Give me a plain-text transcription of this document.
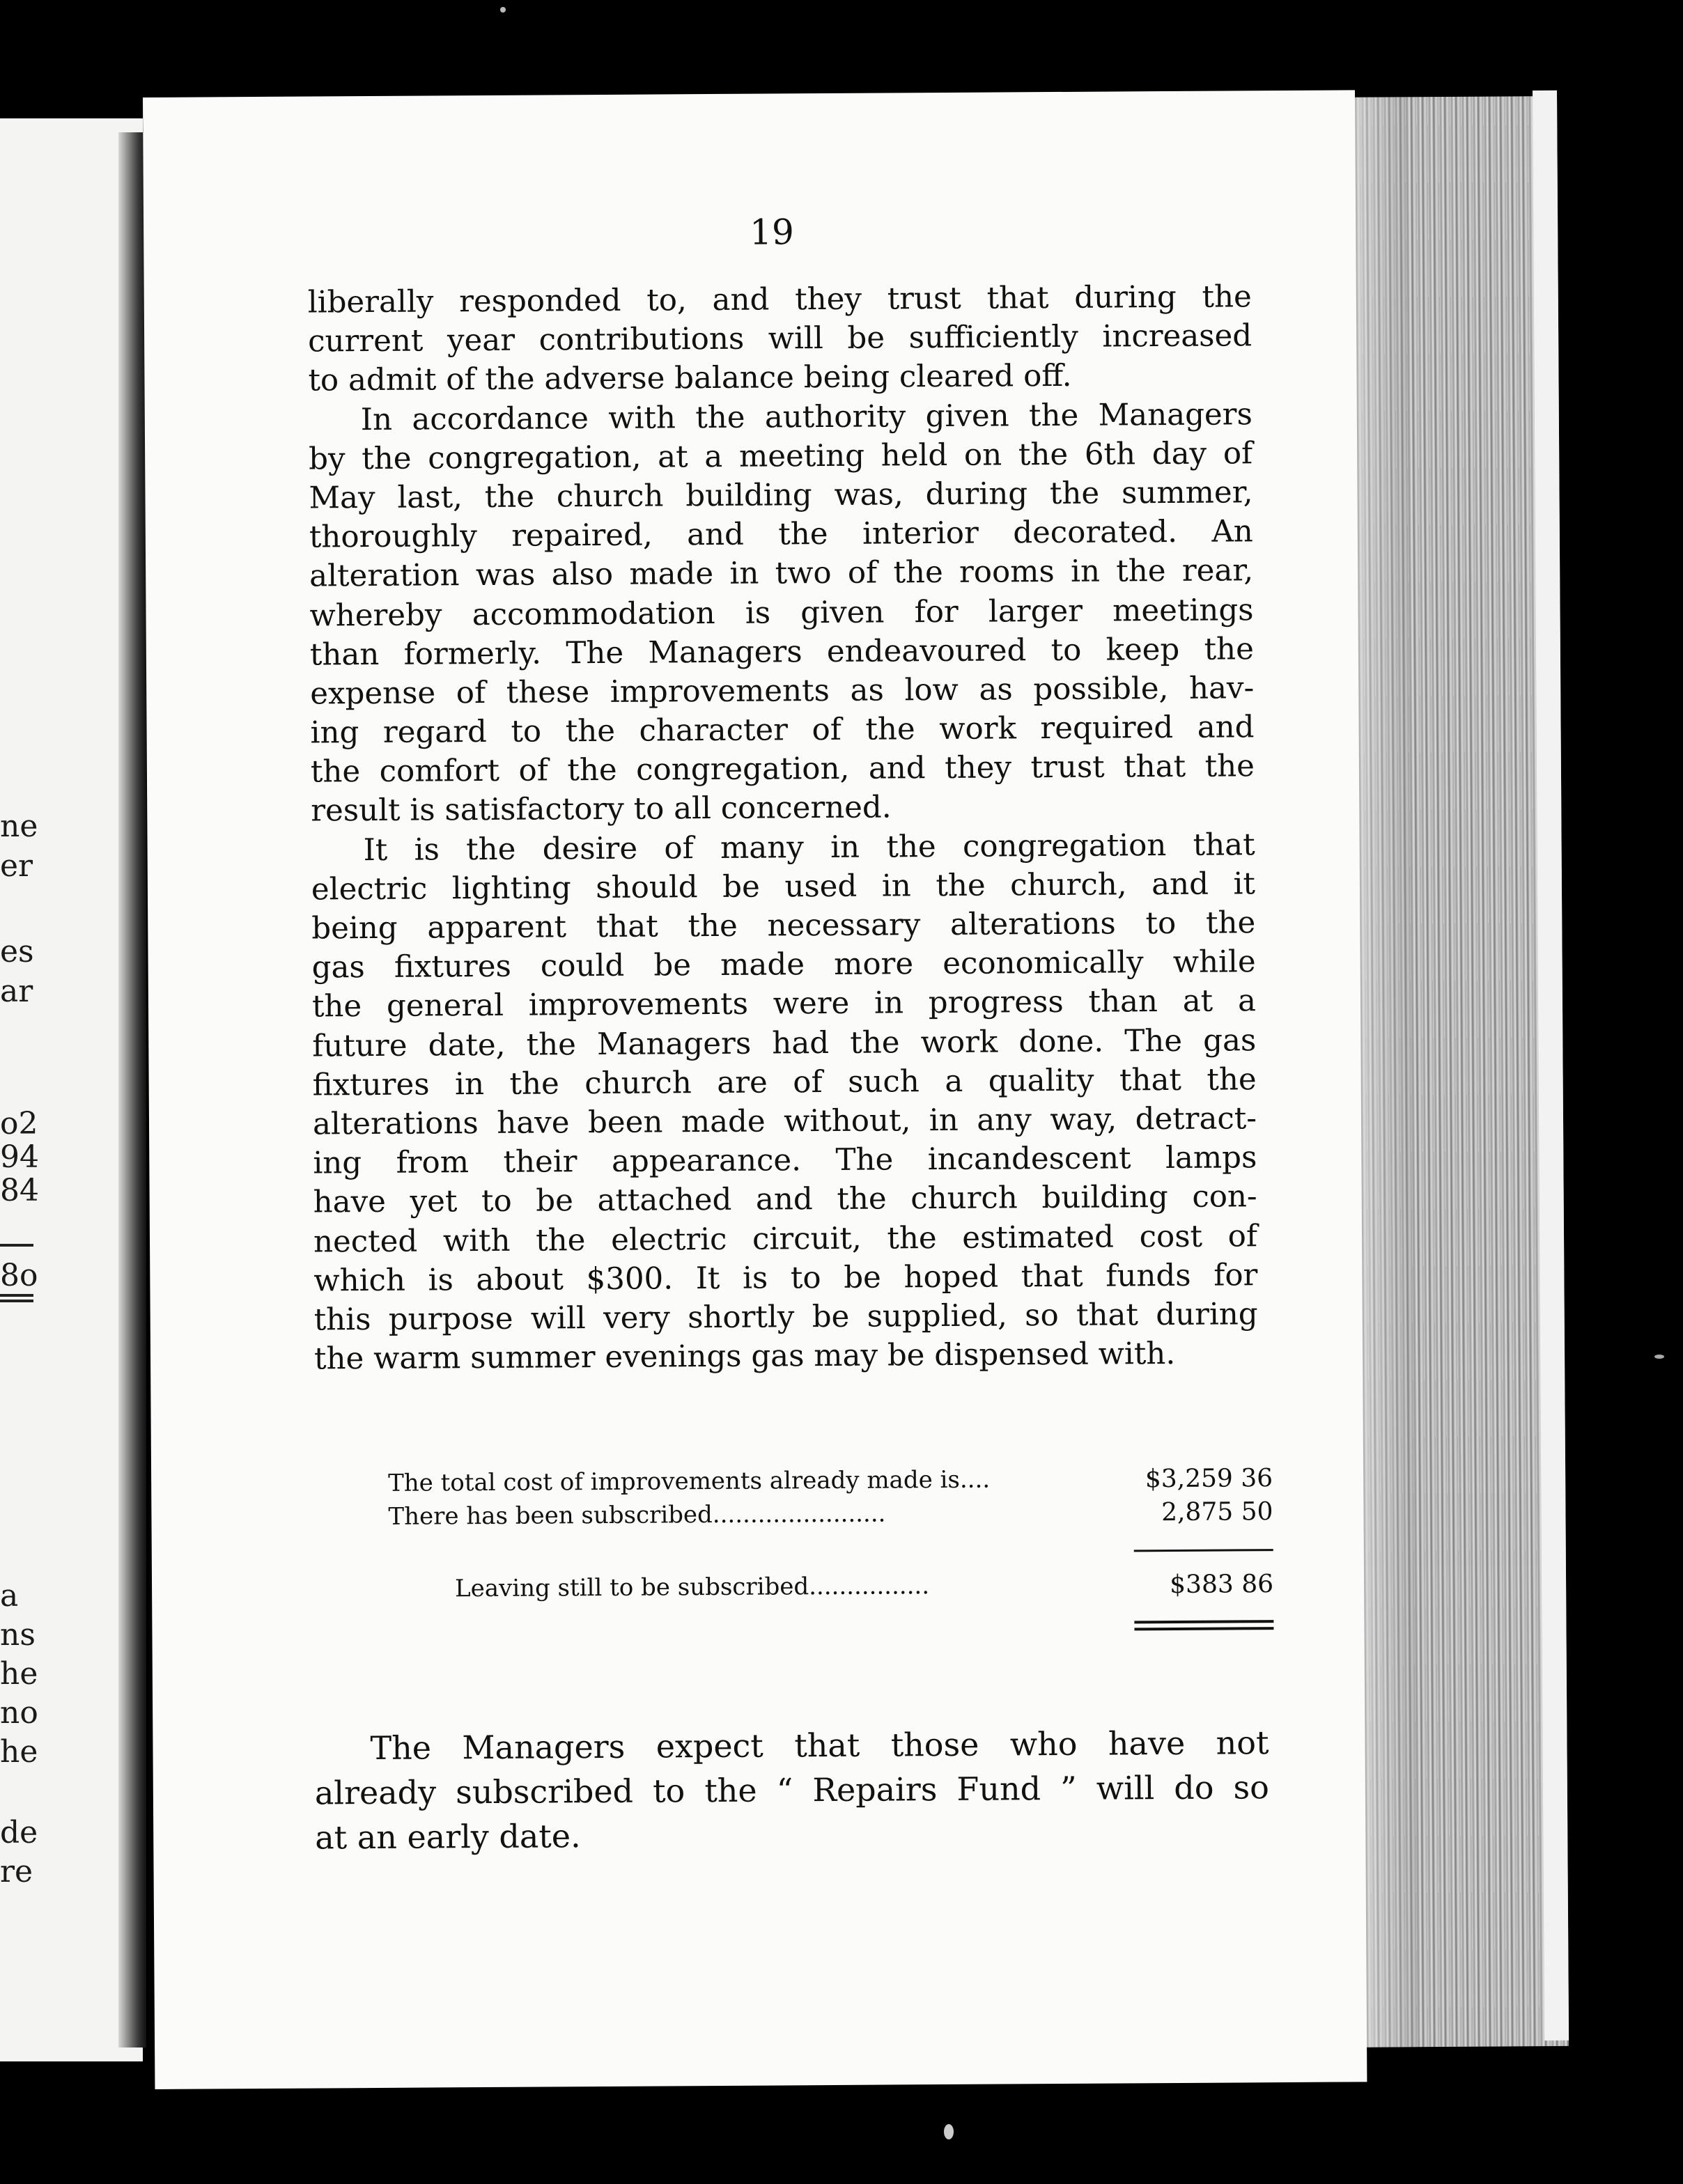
ne
er
es
ar
o2
94
84
8o
a
ns
he
no
he
de
re
19
liberally responded to, and they trust that during the
current year contributions will be sufficiently increased
to admit of the adverse balance being cleared off.
In accordance with the authority given the Managers
by the congregation, at a meeting held on the 6th day of
May last, the church building was, during the summer,
thoroughly repaired, and the interior decorated. An
alteration was also made in two of the rooms in the rear,
whereby accommodation is given for larger meetings
than formerly. The Managers endeavoured to keep the
expense of these improvements as low as possible, hav-
ing regard to the character of the work required and
the comfort of the congregation, and they trust that the
result is satisfactory to all concerned.
It is the desire of many in the congregation that
electric lighting should be used in the church, and it
being apparent that the necessary alterations to the
gas fixtures could be made more economically while
the general improvements were in progress than at a
future date, the Managers had the work done. The gas
fixtures in the church are of such a quality that the
alterations have been made without, in any way, detract-
ing from their appearance. The incandescent lamps
have yet to be attached and the church building con-
nected with the electric circuit, the estimated cost of
which is about $300. It is to be hoped that funds for
this purpose will very shortly be supplied, so that during
the warm summer evenings gas may be dispensed with.
The total cost of improvements already made is....	$3,259 36
There has been subscribed.......................	2,875 50
Leaving still to be subscribed................	$383 86
The Managers expect that those who have not
already subscribed to the “ Repairs Fund ” will do so
at an early date.
